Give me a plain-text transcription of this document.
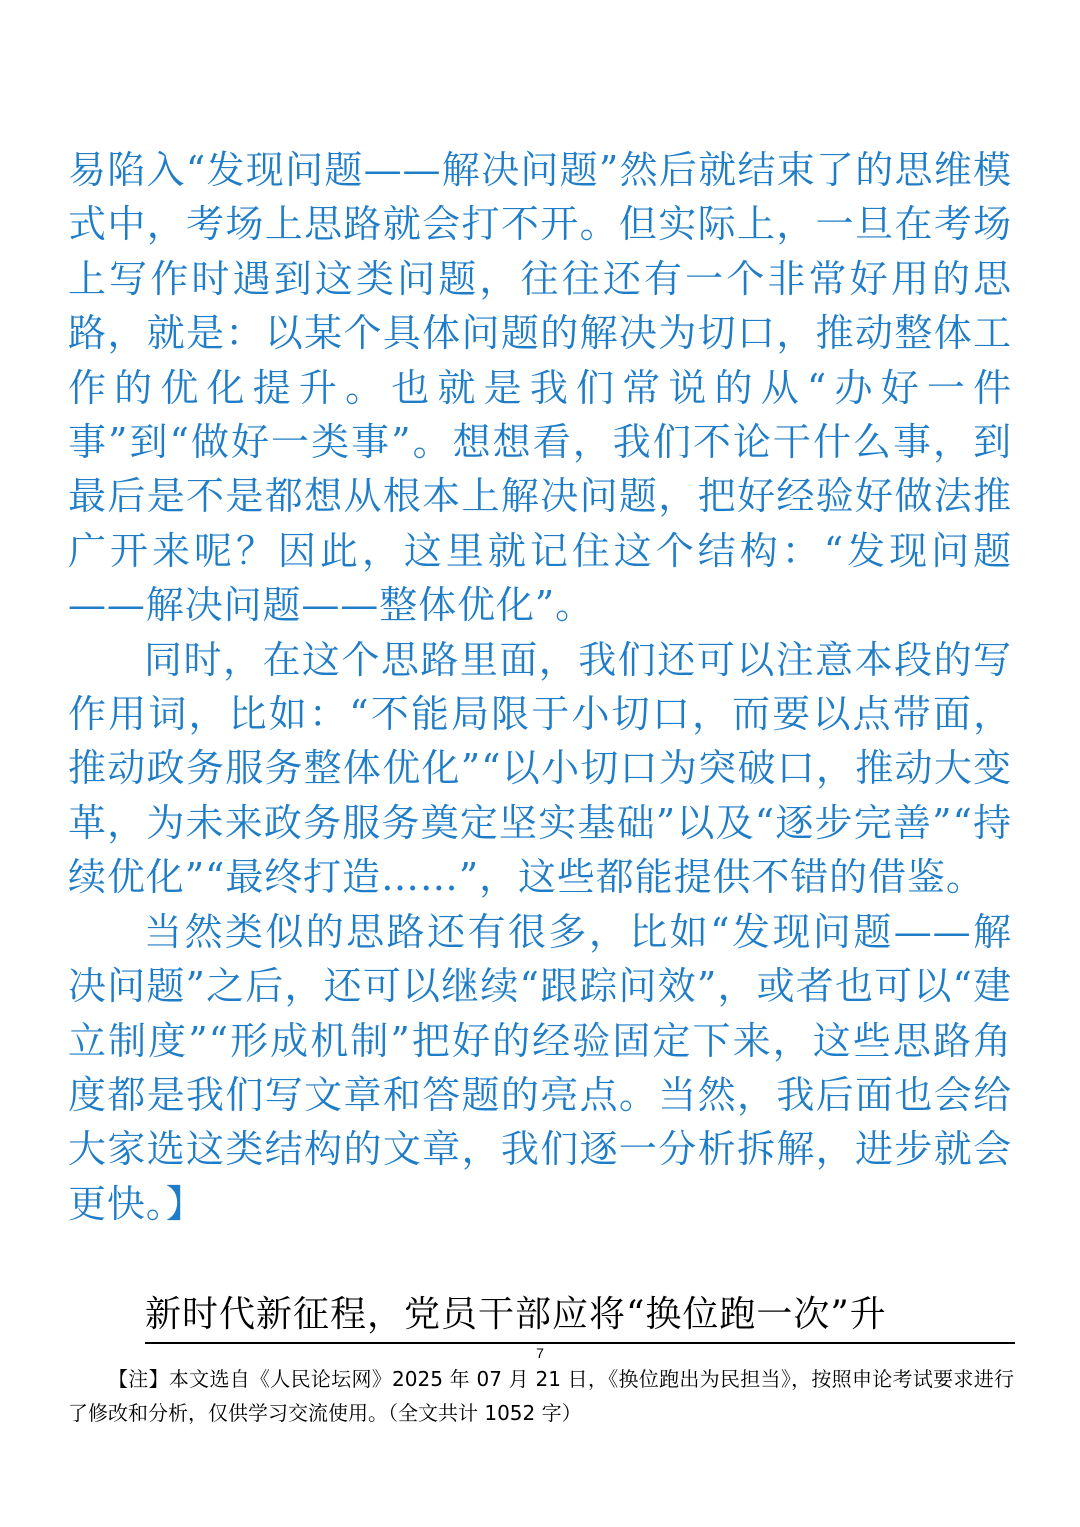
易陷入“发现问题——解决问题”然后就结束了的思维模式中，考场上思路就会打不开。但实际上，一旦在考场上写作时遇到这类问题，往往还有一个非常好用的思路，就是：以某个具体问题的解决为切口，推动整体工作的优化提升。也就是我们常说的从“办好一件事”到“做好一类事”。想想看，我们不论干什么事，到最后是不是都想从根本上解决问题，把好经验好做法推广开来呢？因此，这里就记住这个结构：“发现问题——解决问题——整体优化”。

同时，在这个思路里面，我们还可以注意本段的写作用词，比如：“不能局限于小切口，而要以点带面，推动政务服务整体优化”“以小切口为突破口，推动大变革，为未来政务服务奠定坚实基础”以及“逐步完善”“持续优化”“最终打造……”，这些都能提供不错的借鉴。

当然类似的思路还有很多，比如“发现问题——解决问题”之后，还可以继续“跟踪问效”，或者也可以“建立制度”“形成机制”把好的经验固定下来，这些思路角度都是我们写文章和答题的亮点。当然，我后面也会给大家选这类结构的文章，我们逐一分析拆解，进步就会更快。】

新时代新征程，党员干部应将“换位跑一次”升
7
【注】本文选自《人民论坛网》2025 年 07 月 21 日，《换位跑出为民担当》，按照申论考试要求进行了修改和分析，仅供学习交流使用。（全文共计 1052 字）
